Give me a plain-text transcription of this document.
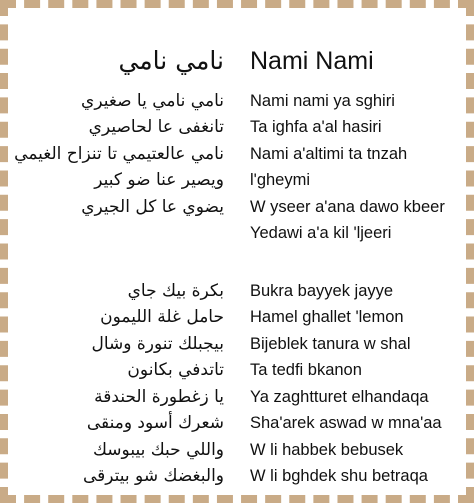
نامي نامي Nami Nami
نامي نامي يا صغيري Nami nami ya sghiri
تانغفى عا لحاصيري Ta ighfa a'al hasiri
نامي عالعتيمي تا تنزاح الغيمي Nami a'altimi ta tnzah
ويصير عنا ضو كبير l'gheymi
يضوي عا كل الجيري W yseer a'ana dawo kbeer
Yedawi a'a kil 'ljeeri
بكرة بيك جاي Bukra bayyek jayye
حامل غلة الليمون Hamel ghallet 'lemon
بيجبلك تنورة وشال Bijeblek tanura w shal
تاتدفي بكانون Ta tedfi bkanon
يا زغطورة الحندقة Ya zaghtturet elhandaqa
شعرك أسود ومنقى Sha'arek aswad w mna'aa
واللي حبك بيبوسك W li habbek bebusek
والبغضك شو بيترقى W li bghdek shu betraqa
